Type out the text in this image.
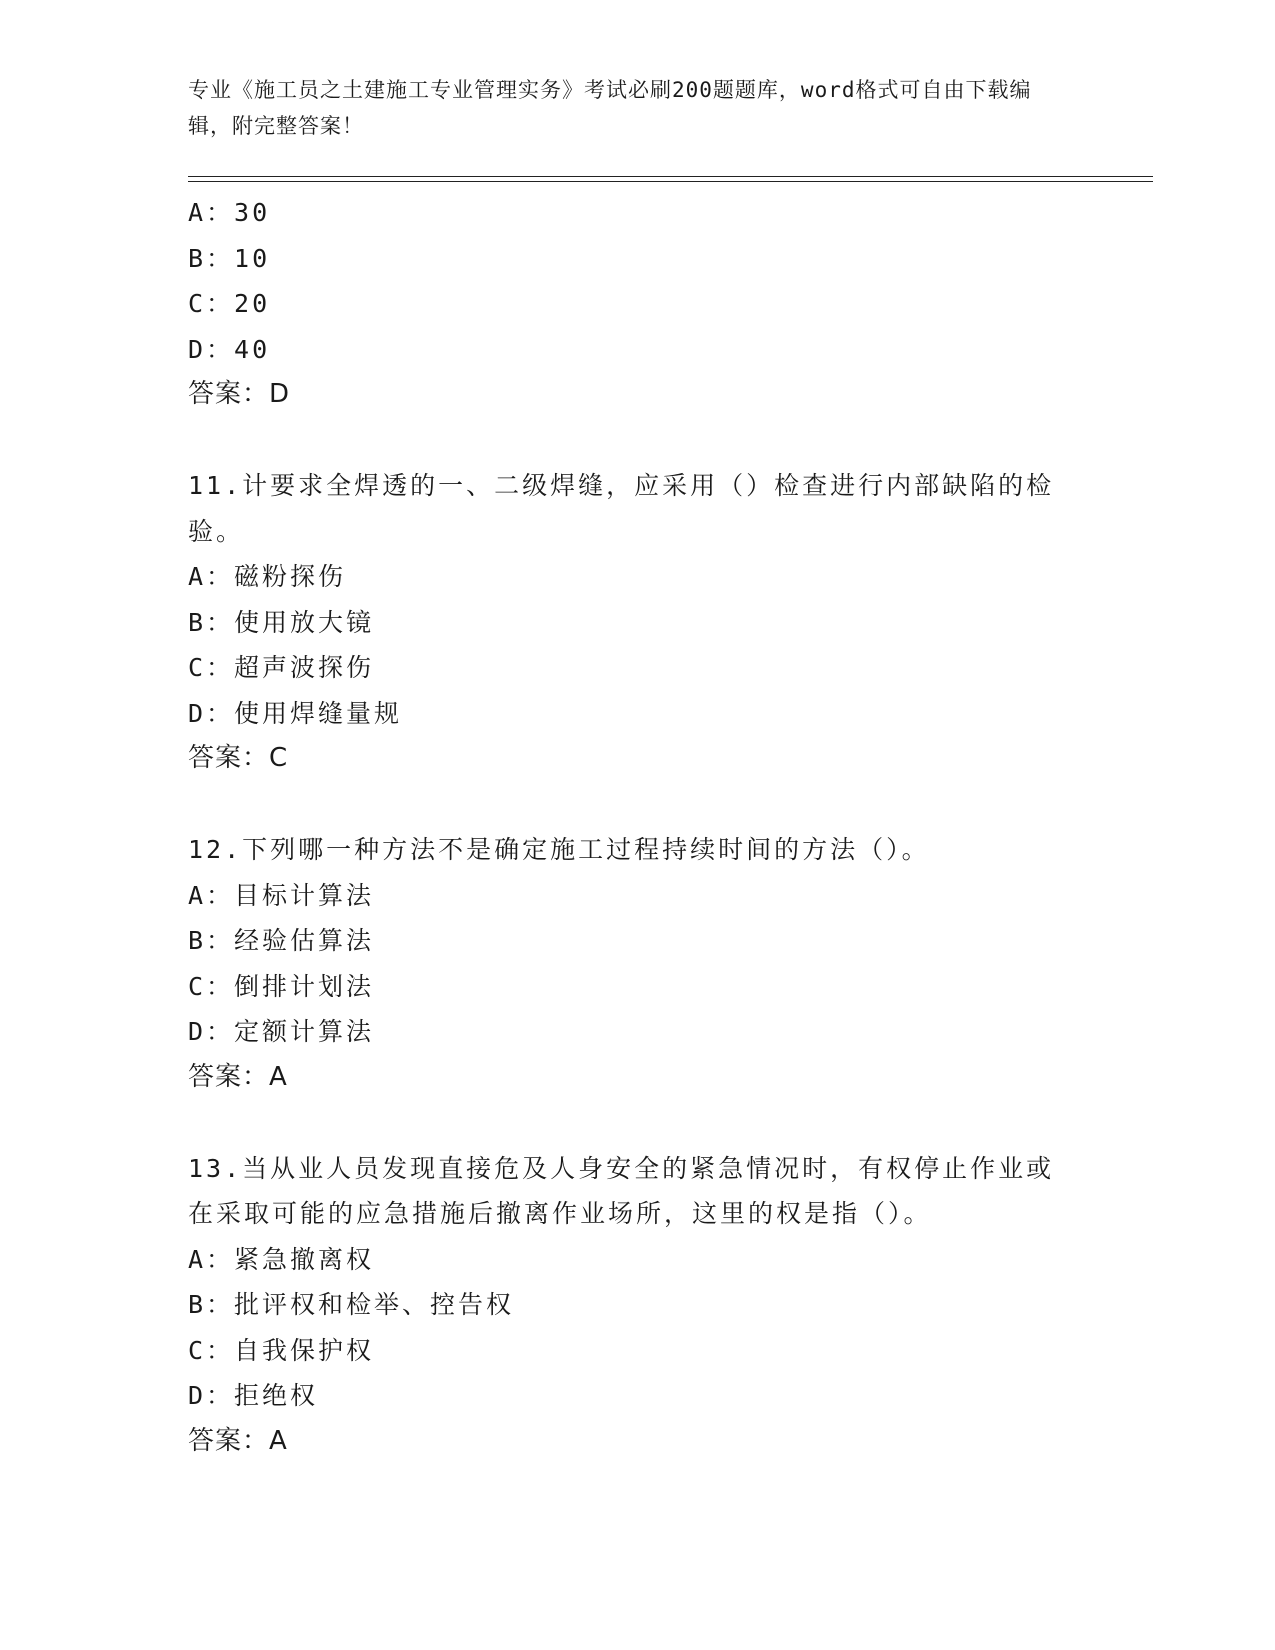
专业《施工员之土建施工专业管理实务》考试必刷200题题库，word格式可自由下载编辑，附完整答案！
A：30
B：10
C：20
D：40
答案：D
11.计要求全焊透的一、二级焊缝，应采用（）检查进行内部缺陷的检
验。
A：磁粉探伤
B：使用放大镜
C：超声波探伤
D：使用焊缝量规
答案：C
12.下列哪一种方法不是确定施工过程持续时间的方法（）。
A：目标计算法
B：经验估算法
C：倒排计划法
D：定额计算法
答案：A
13.当从业人员发现直接危及人身安全的紧急情况时，有权停止作业或
在采取可能的应急措施后撤离作业场所，这里的权是指（）。
A：紧急撤离权
B：批评权和检举、控告权
C：自我保护权
D：拒绝权
答案：A
